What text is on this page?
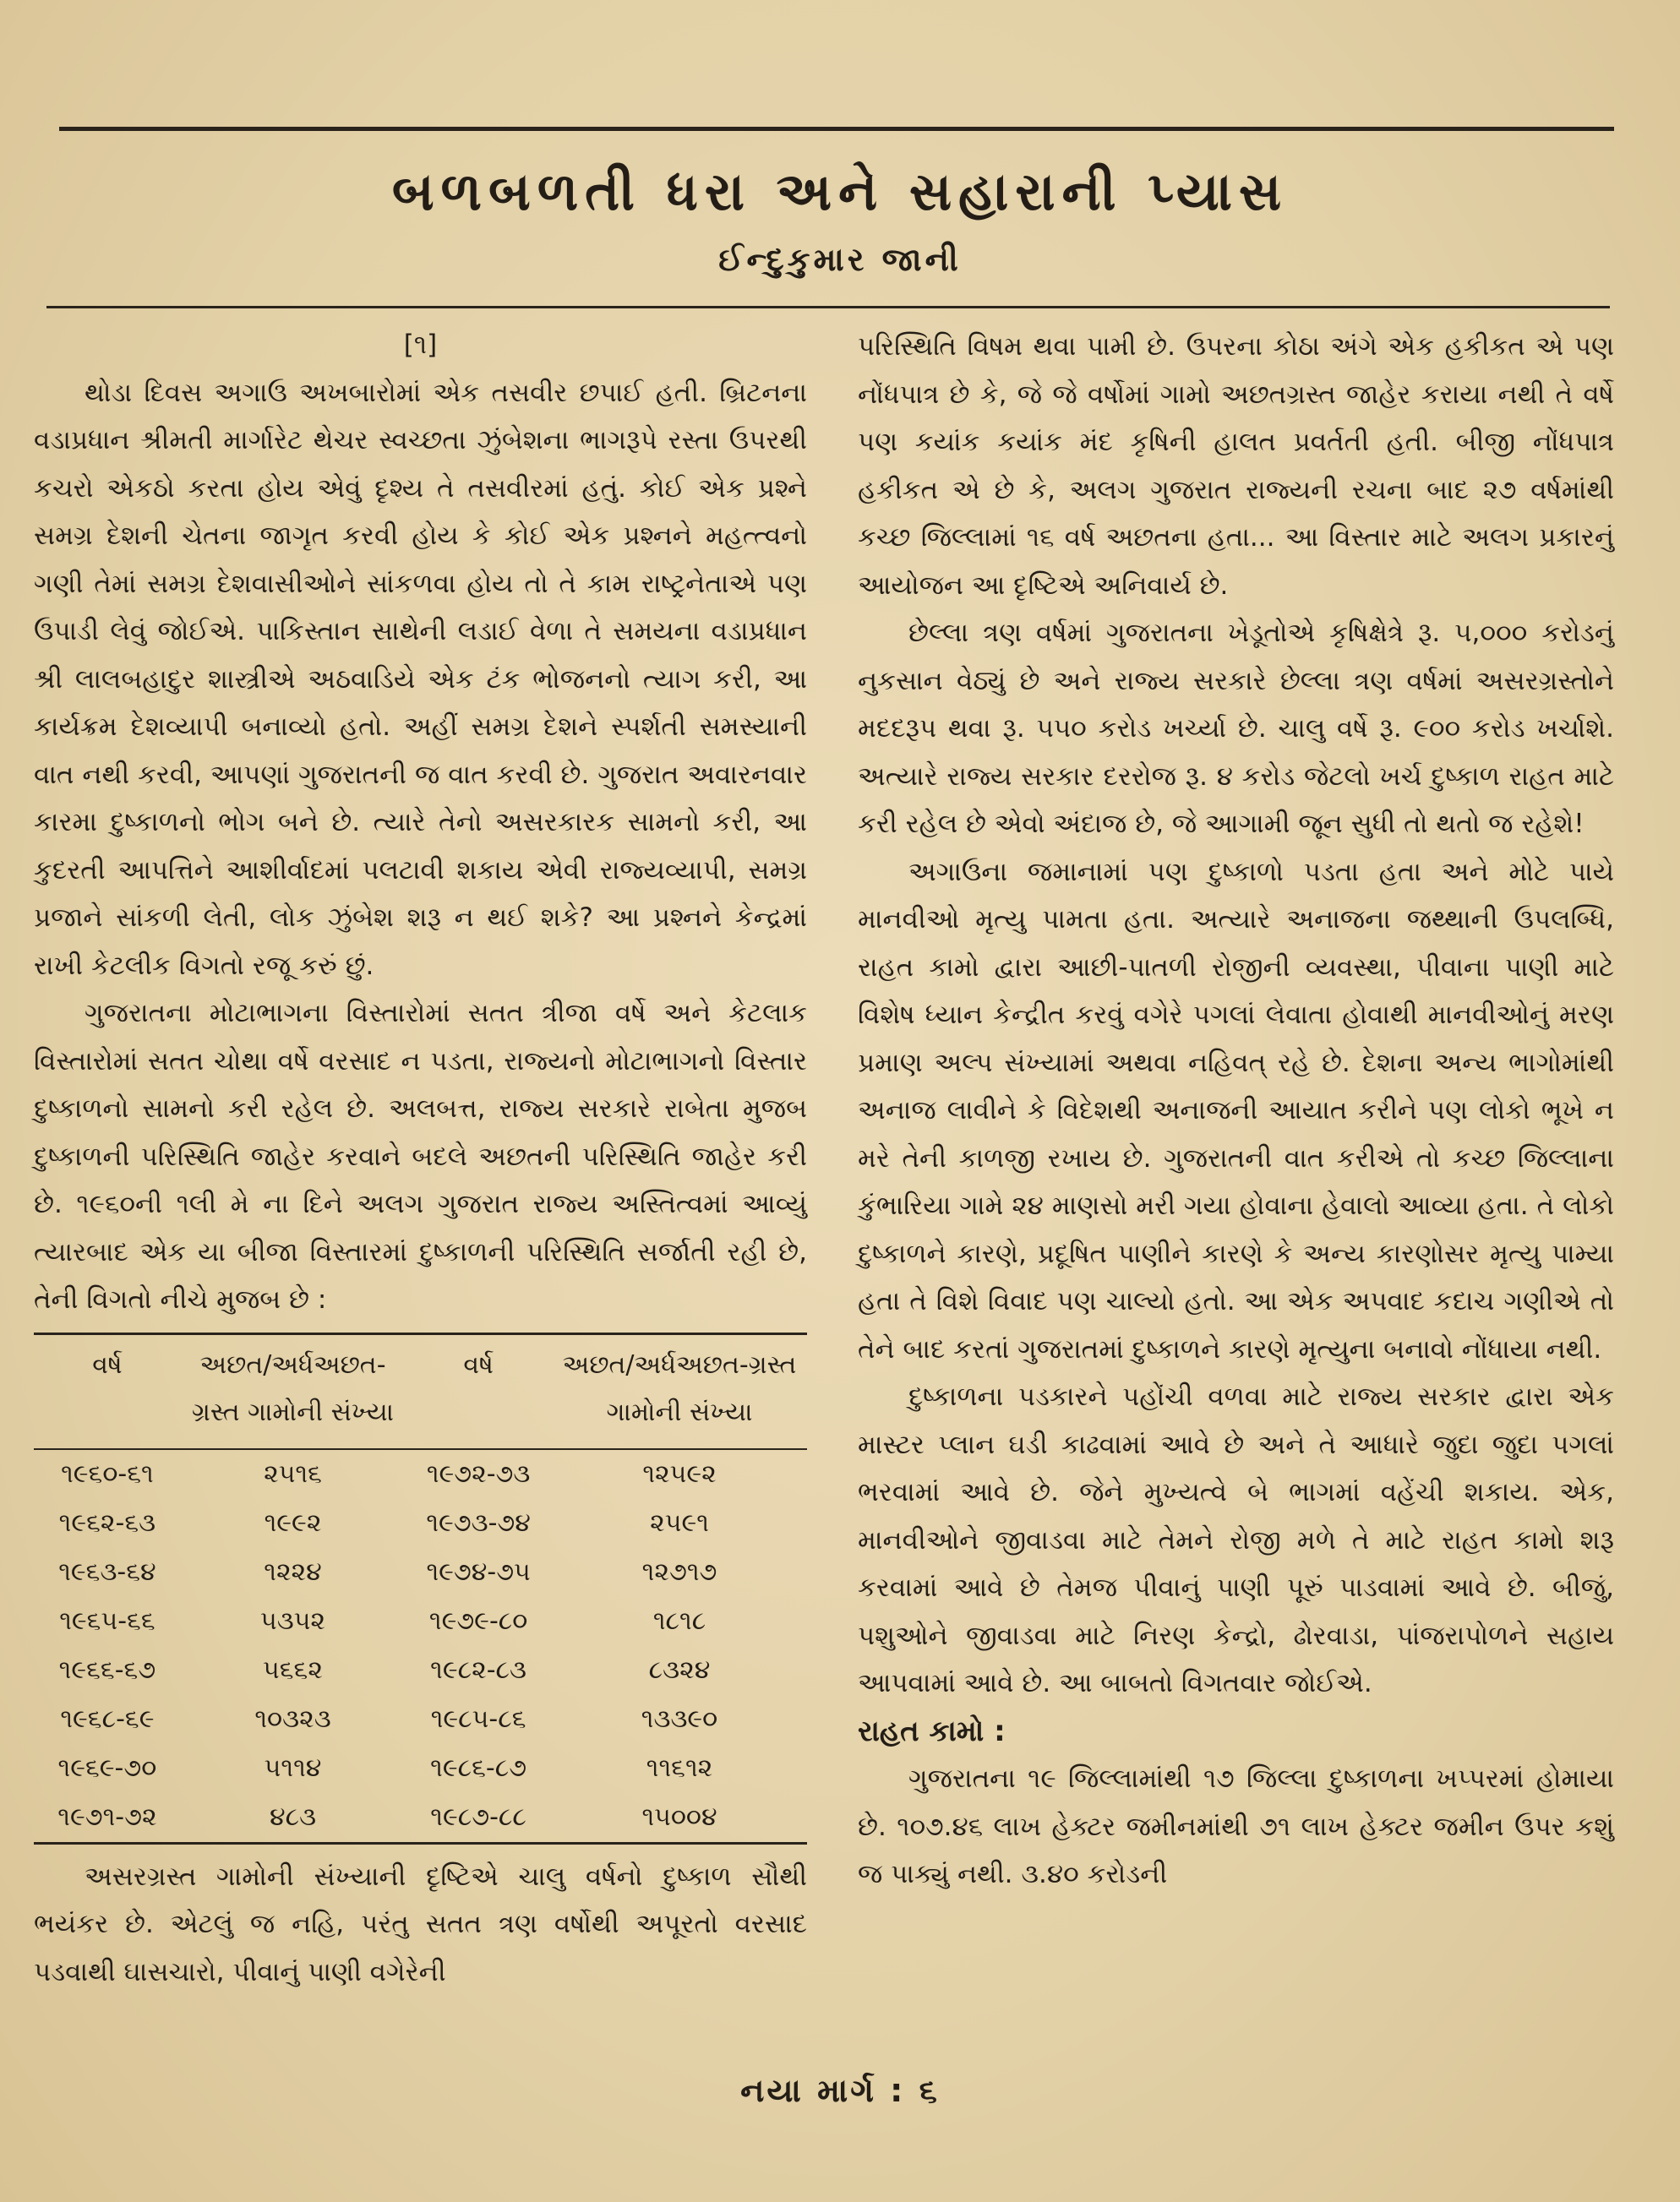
બળબળતી ધરા અને સહારાની પ્યાસ
ઈન્દુકુમાર જાની

[૧]

થોડા દિવસ અગાઉ અખબારોમાં એક તસવીર છપાઈ હતી. બ્રિટનના વડાપ્રધાન શ્રીમતી માર્ગારેટ થેચર સ્વચ્છતા ઝુંબેશના ભાગરૂપે રસ્તા ઉપરથી કચરો એકઠો કરતા હોય એવું દૃશ્ય તે તસવીરમાં હતું. કોઈ એક પ્રશ્ને સમગ્ર દેશની ચેતના જાગૃત કરવી હોય કે કોઈ એક પ્રશ્નને મહત્ત્વનો ગણી તેમાં સમગ્ર દેશવાસીઓને સાંકળવા હોય તો તે કામ રાષ્ટ્રનેતાએ પણ ઉપાડી લેવું જોઈએ. પાકિસ્તાન સાથેની લડાઈ વેળા તે સમયના વડાપ્રધાન શ્રી લાલબહાદુર શાસ્ત્રીએ અઠવાડિયે એક ટંક ભોજનનો ત્યાગ કરી, આ કાર્યક્રમ દેશવ્યાપી બનાવ્યો હતો. અહીં સમગ્ર દેશને સ્પર્શતી સમસ્યાની વાત નથી કરવી, આપણાં ગુજરાતની જ વાત કરવી છે. ગુજરાત અવારનવાર કારમા દુષ્કાળનો ભોગ બને છે. ત્યારે તેનો અસરકારક સામનો કરી, આ કુદરતી આપત્તિને આશીર્વાદમાં પલટાવી શકાય એવી રાજ્યવ્યાપી, સમગ્ર પ્રજાને સાંકળી લેતી, લોક ઝુંબેશ શરૂ ન થઈ શકે? આ પ્રશ્નને કેન્દ્રમાં રાખી કેટલીક વિગતો રજૂ કરું છું.

ગુજરાતના મોટાભાગના વિસ્તારોમાં સતત ત્રીજા વર્ષે અને કેટલાક વિસ્તારોમાં સતત ચોથા વર્ષે વરસાદ ન પડતા, રાજ્યનો મોટાભાગનો વિસ્તાર દુષ્કાળનો સામનો કરી રહેલ છે. અલબત્ત, રાજ્ય સરકારે રાબેતા મુજબ દુષ્કાળની પરિસ્થિતિ જાહેર કરવાને બદલે અછતની પરિસ્થિતિ જાહેર કરી છે. ૧૯૬૦ની ૧લી મે ના દિને અલગ ગુજરાત રાજ્ય અસ્તિત્વમાં આવ્યું ત્યારબાદ એક યા બીજા વિસ્તારમાં દુષ્કાળની પરિસ્થિતિ સર્જાતી રહી છે, તેની વિગતો નીચે મુજબ છે :

વર્ષ	અછત/અર્ધઅછત-ગ્રસ્ત ગામોની સંખ્યા	વર્ષ	અછત/અર્ધઅછત-ગ્રસ્ત ગામોની સંખ્યા
૧૯૬૦-૬૧	૨૫૧૬	૧૯૭૨-૭૩	૧૨૫૯૨
૧૯૬૨-૬૩	૧૯૯૨	૧૯૭૩-૭૪	૨૫૯૧
૧૯૬૩-૬૪	૧૨૨૪	૧૯૭૪-૭૫	૧૨૭૧૭
૧૯૬૫-૬૬	૫૩૫૨	૧૯૭૯-૮૦	૧૮૧૮
૧૯૬૬-૬૭	૫૬૬૨	૧૯૮૨-૮૩	૮૩૨૪
૧૯૬૮-૬૯	૧૦૩૨૩	૧૯૮૫-૮૬	૧૩૩૯૦
૧૯૬૯-૭૦	૫૧૧૪	૧૯૮૬-૮૭	૧૧૬૧૨
૧૯૭૧-૭૨	૪૮૩	૧૯૮૭-૮૮	૧૫૦૦૪

અસરગ્રસ્ત ગામોની સંખ્યાની દૃષ્ટિએ ચાલુ વર્ષનો દુષ્કાળ સૌથી ભયંકર છે. એટલું જ નહિ, પરંતુ સતત ત્રણ વર્ષોથી અપૂરતો વરસાદ પડવાથી ઘાસચારો, પીવાનું પાણી વગેરેની

પરિસ્થિતિ વિષમ થવા પામી છે. ઉપરના કોઠા અંગે એક હકીકત એ પણ નોંધપાત્ર છે કે, જે જે વર્ષોમાં ગામો અછતગ્રસ્ત જાહેર કરાયા નથી તે વર્ષે પણ કયાંક કયાંક મંદ કૃષિની હાલત પ્રવર્તતી હતી. બીજી નોંધપાત્ર હકીકત એ છે કે, અલગ ગુજરાત રાજ્યની રચના બાદ ૨૭ વર્ષમાંથી કચ્છ જિલ્લામાં ૧૬ વર્ષ અછતના હતા... આ વિસ્તાર માટે અલગ પ્રકારનું આયોજન આ દૃષ્ટિએ અનિવાર્ય છે.

છેલ્લા ત્રણ વર્ષમાં ગુજરાતના ખેડૂતોએ કૃષિક્ષેત્રે રૂ. ૫,૦૦૦ કરોડનું નુકસાન વેઠ્યું છે અને રાજ્ય સરકારે છેલ્લા ત્રણ વર્ષમાં અસરગ્રસ્તોને મદદરૂપ થવા રૂ. ૫૫૦ કરોડ ખર્ચ્યા છે. ચાલુ વર્ષે રૂ. ૯૦૦ કરોડ ખર્ચાશે. અત્યારે રાજ્ય સરકાર દરરોજ રૂ. ૪ કરોડ જેટલો ખર્ચ દુષ્કાળ રાહત માટે કરી રહેલ છે એવો અંદાજ છે, જે આગામી જૂન સુધી તો થતો જ રહેશે!

અગાઉના જમાનામાં પણ દુષ્કાળો પડતા હતા અને મોટે પાયે માનવીઓ મૃત્યુ પામતા હતા. અત્યારે અનાજના જથ્થાની ઉપલબ્ધિ, રાહત કામો દ્વારા આછી-પાતળી રોજીની વ્યવસ્થા, પીવાના પાણી માટે વિશેષ ધ્યાન કેન્દ્રીત કરવું વગેરે પગલાં લેવાતા હોવાથી માનવીઓનું મરણ પ્રમાણ અલ્પ સંખ્યામાં અથવા નહિવત્ રહે છે. દેશના અન્ય ભાગોમાંથી અનાજ લાવીને કે વિદેશથી અનાજની આયાત કરીને પણ લોકો ભૂખે ન મરે તેની કાળજી રખાય છે. ગુજરાતની વાત કરીએ તો કચ્છ જિલ્લાના કુંભારિયા ગામે ૨૪ માણસો મરી ગયા હોવાના હેવાલો આવ્યા હતા. તે લોકો દુષ્કાળને કારણે, પ્રદૂષિત પાણીને કારણે કે અન્ય કારણોસર મૃત્યુ પામ્યા હતા તે વિશે વિવાદ પણ ચાલ્યો હતો. આ એક અપવાદ કદાચ ગણીએ તો તેને બાદ કરતાં ગુજરાતમાં દુષ્કાળને કારણે મૃત્યુના બનાવો નોંધાયા નથી.

દુષ્કાળના પડકારને પહોંચી વળવા માટે રાજ્ય સરકાર દ્વારા એક માસ્ટર પ્લાન ઘડી કાઢવામાં આવે છે અને તે આધારે જુદા જુદા પગલાં ભરવામાં આવે છે. જેને મુખ્યત્વે બે ભાગમાં વહેંચી શકાય. એક, માનવીઓને જીવાડવા માટે તેમને રોજી મળે તે માટે રાહત કામો શરૂ કરવામાં આવે છે તેમજ પીવાનું પાણી પૂરું પાડવામાં આવે છે. બીજું, પશુઓને જીવાડવા માટે નિરણ કેન્દ્રો, ઢોરવાડા, પાંજરાપોળને સહાય આપવામાં આવે છે. આ બાબતો વિગતવાર જોઈએ.

રાહત કામો :

ગુજરાતના ૧૯ જિલ્લામાંથી ૧૭ જિલ્લા દુષ્કાળના ખપ્પરમાં હોમાયા છે. ૧૦૭.૪૬ લાખ હેક્ટર જમીનમાંથી ૭૧ લાખ હેક્ટર જમીન ઉપર કશું જ પાક્યું નથી. ૩.૪૦ કરોડની

નયા માર્ગ : ૬
